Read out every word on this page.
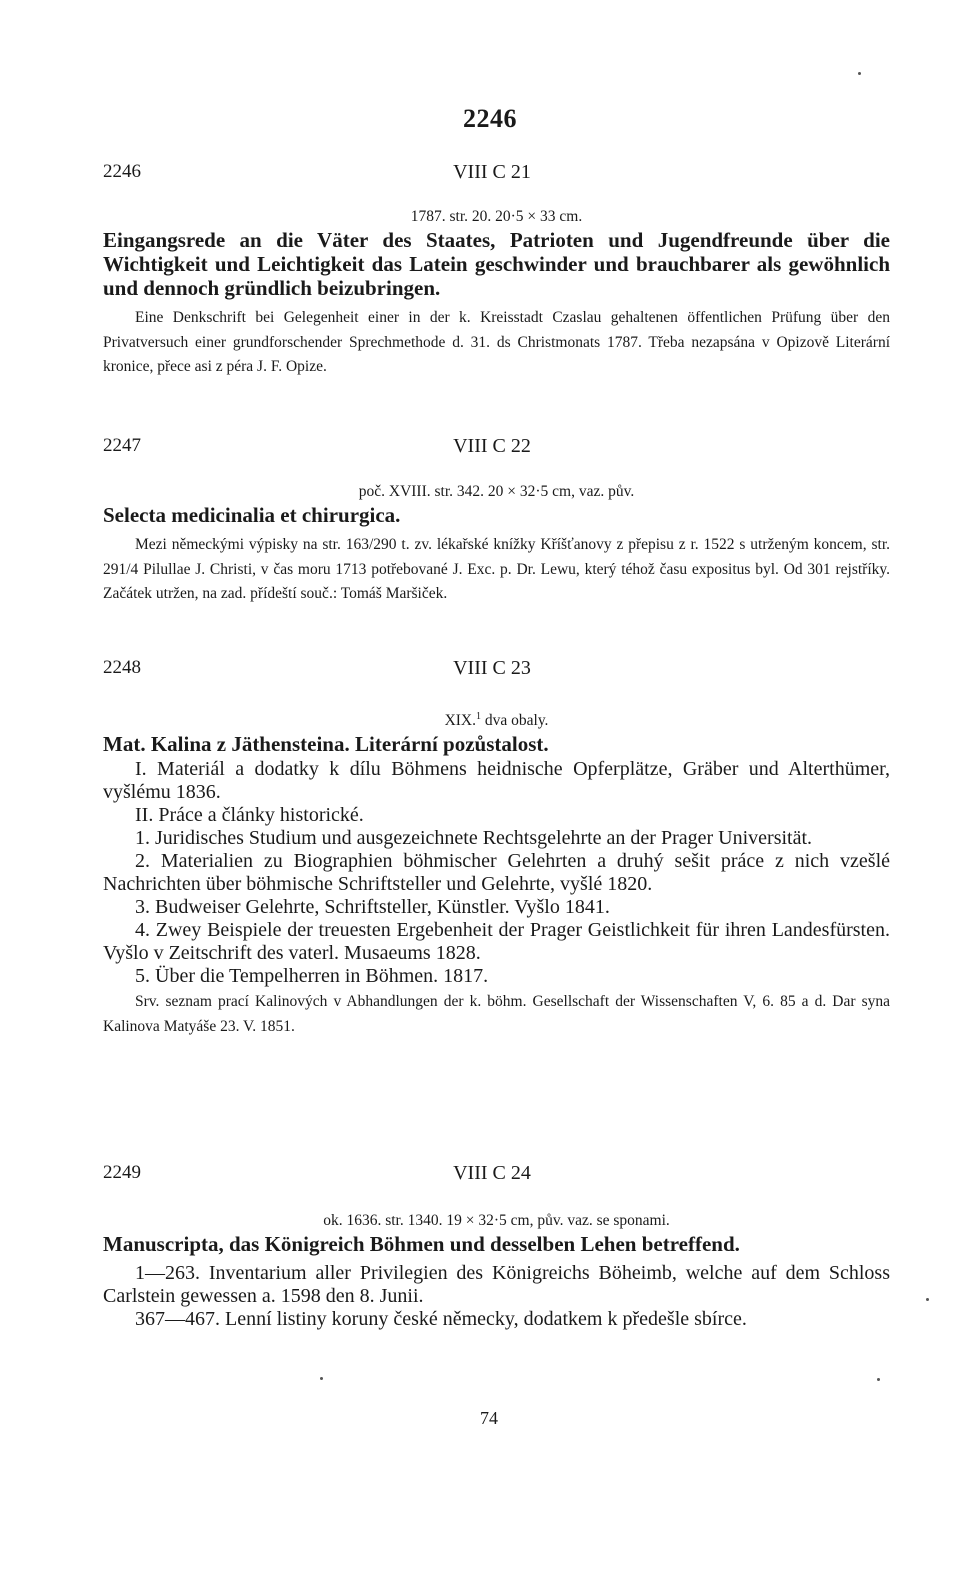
2246
2246	VIII C 21

1787. str. 20. 20·5 × 33 cm.

Eingangsrede an die Väter des Staates, Patrioten und Jugendfreunde über die Wichtigkeit und Leichtigkeit das Latein geschwinder und brauchbarer als gewöhnlich und dennoch gründlich beizubringen.

Eine Denkschrift bei Gelegenheit einer in der k. Kreisstadt Czaslau gehaltenen öffentlichen Prüfung über den Privatversuch einer grundforschender Sprechmethode d. 31. ds Christmonats 1787. Třeba nezapsána v Opizově Literární kronice, přece asi z péra J. F. Opize.

2247	VIII C 22

poč. XVIII. str. 342. 20 × 32·5 cm, vaz. pův.

Selecta medicinalia et chirurgica.

Mezi německými výpisky na str. 163/290 t. zv. lékařské knížky Kříšťanovy z přepisu z r. 1522 s utrženým koncem, str. 291/4 Pilullae J. Christi, v čas moru 1713 potřebované J. Exc. p. Dr. Lewu, který téhož času expositus byl. Od 301 rejstříky. Začátek utržen, na zad. přídeští souč.: Tomáš Maršiček.

2248	VIII C 23

XIX.$^1$ dva obaly.

Mat. Kalina z Jäthensteina. Literární pozůstalost.

I. Materiál a dodatky k dílu Böhmens heidnische Opferplätze, Gräber und Alterthümer, vyšlému 1836.

II. Práce a články historické.

1. Juridisches Studium und ausgezeichnete Rechtsgelehrte an der Prager Universität.

2. Materialien zu Biographien böhmischer Gelehrten a druhý sešit práce z nich vzešlé Nachrichten über böhmische Schriftsteller und Gelehrte, vyšlé 1820.

3. Budweiser Gelehrte, Schriftsteller, Künstler. Vyšlo 1841.

4. Zwey Beispiele der treuesten Ergebenheit der Prager Geistlichkeit für ihren Landesfürsten. Vyšlo v Zeitschrift des vaterl. Musaeums 1828.

5. Über die Tempelherren in Böhmen. 1817.

Srv. seznam prací Kalinových v Abhandlungen der k. böhm. Gesellschaft der Wissenschaften V, 6. 85 a d. Dar syna Kalinova Matyáše 23. V. 1851.

2249	VIII C 24

ok. 1636. str. 1340. 19 × 32·5 cm, pův. vaz. se sponami.

Manuscripta, das Königreich Böhmen und desselben Lehen betreffend.

1—263. Inventarium aller Privilegien des Königreichs Böheimb, welche auf dem Schloss Carlstein gewessen a. 1598 den 8. Junii.

367—467. Lenní listiny koruny české německy, dodatkem k předešle sbírce.

74
